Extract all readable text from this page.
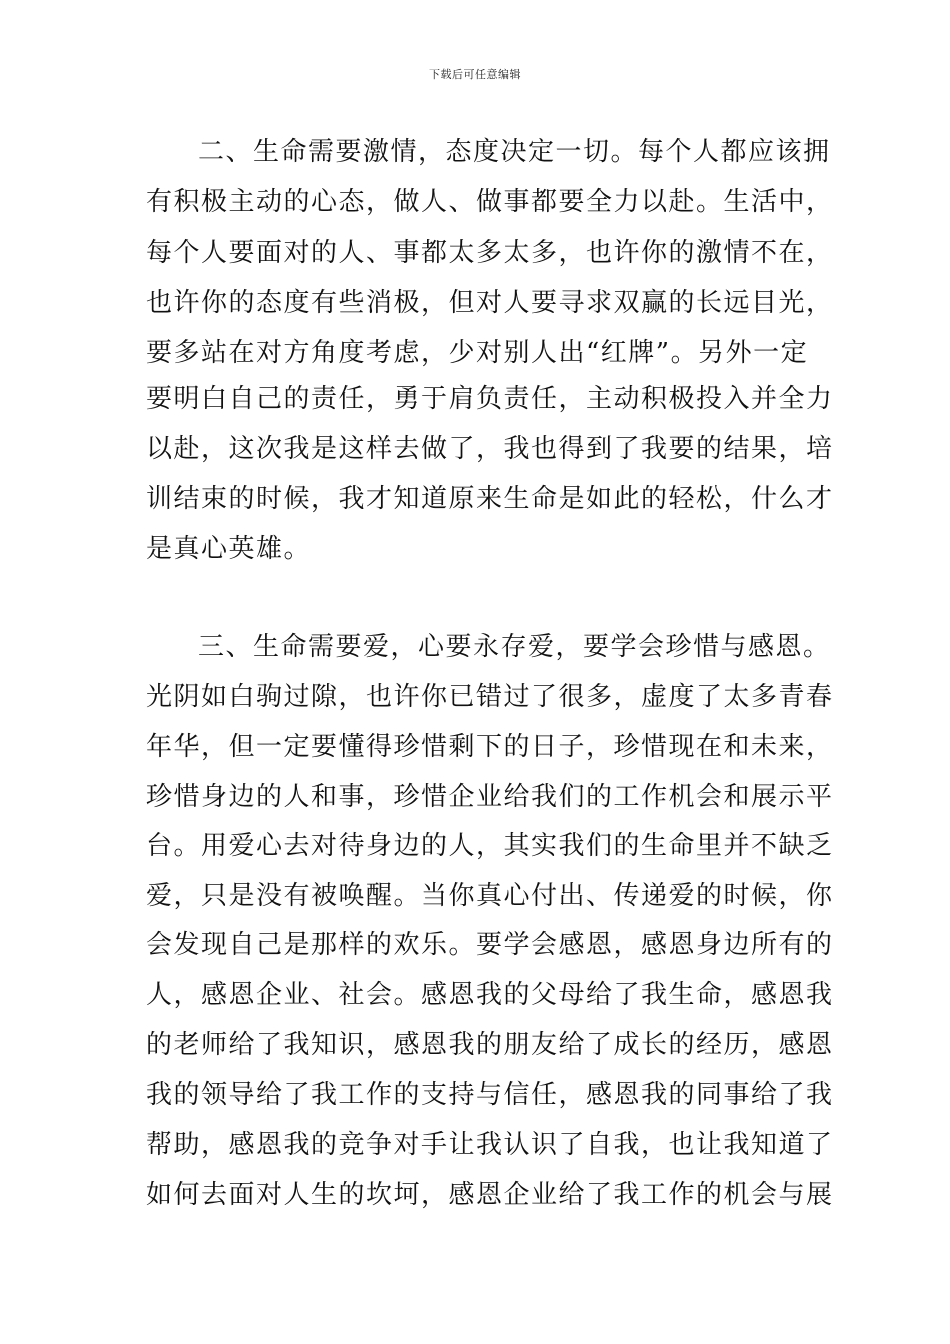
下载后可任意编辑
二、生命需要激情，态度决定一切。每个人都应该拥
有积极主动的心态，做人、做事都要全力以赴。生活中，
每个人要面对的人、事都太多太多，也许你的激情不在，
也许你的态度有些消极，但对人要寻求双赢的长远目光，
要多站在对方角度考虑，少对别人出“红牌”。另外一定
要明白自己的责任，勇于肩负责任，主动积极投入并全力
以赴，这次我是这样去做了，我也得到了我要的结果，培
训结束的时候，我才知道原来生命是如此的轻松，什么才
是真心英雄。
三、生命需要爱，心要永存爱，要学会珍惜与感恩。
光阴如白驹过隙，也许你已错过了很多，虚度了太多青春
年华，但一定要懂得珍惜剩下的日子，珍惜现在和未来，
珍惜身边的人和事，珍惜企业给我们的工作机会和展示平
台。用爱心去对待身边的人，其实我们的生命里并不缺乏
爱，只是没有被唤醒。当你真心付出、传递爱的时候，你
会发现自己是那样的欢乐。要学会感恩，感恩身边所有的
人，感恩企业、社会。感恩我的父母给了我生命，感恩我
的老师给了我知识，感恩我的朋友给了成长的经历，感恩
我的领导给了我工作的支持与信任，感恩我的同事给了我
帮助，感恩我的竞争对手让我认识了自我，也让我知道了
如何去面对人生的坎坷，感恩企业给了我工作的机会与展
